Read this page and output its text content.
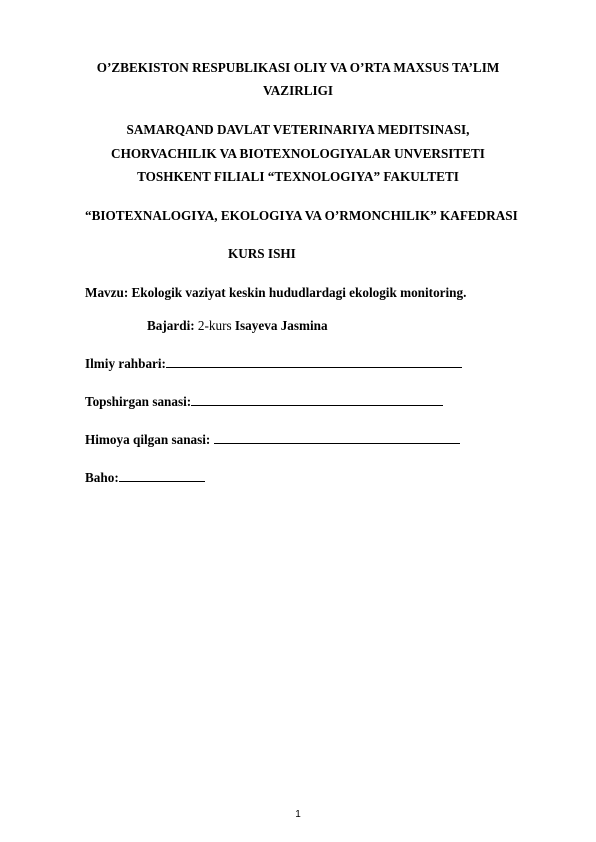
O’ZBEKISTON RESPUBLIKASI OLIY VA O’RTA MAXSUS TA’LIM
VAZIRLIGI
SAMARQAND DAVLAT VETERINARIYA MEDITSINASI,
CHORVACHILIK VA BIOTEXNOLOGIYALAR UNVERSITETI
TOSHKENT FILIALI “TEXNOLOGIYA” FAKULTETI
“BIOTEXNALOGIYA, EKOLOGIYA VA O’RMONCHILIK” KAFEDRASI
KURS ISHI
Mavzu: Ekologik vaziyat keskin hududlardagi ekologik monitoring.
Bajardi: 2-kurs Isayeva Jasmina
Ilmiy rahbari:
Topshirgan sanasi:
Himoya qilgan sanasi:
Baho:
1
